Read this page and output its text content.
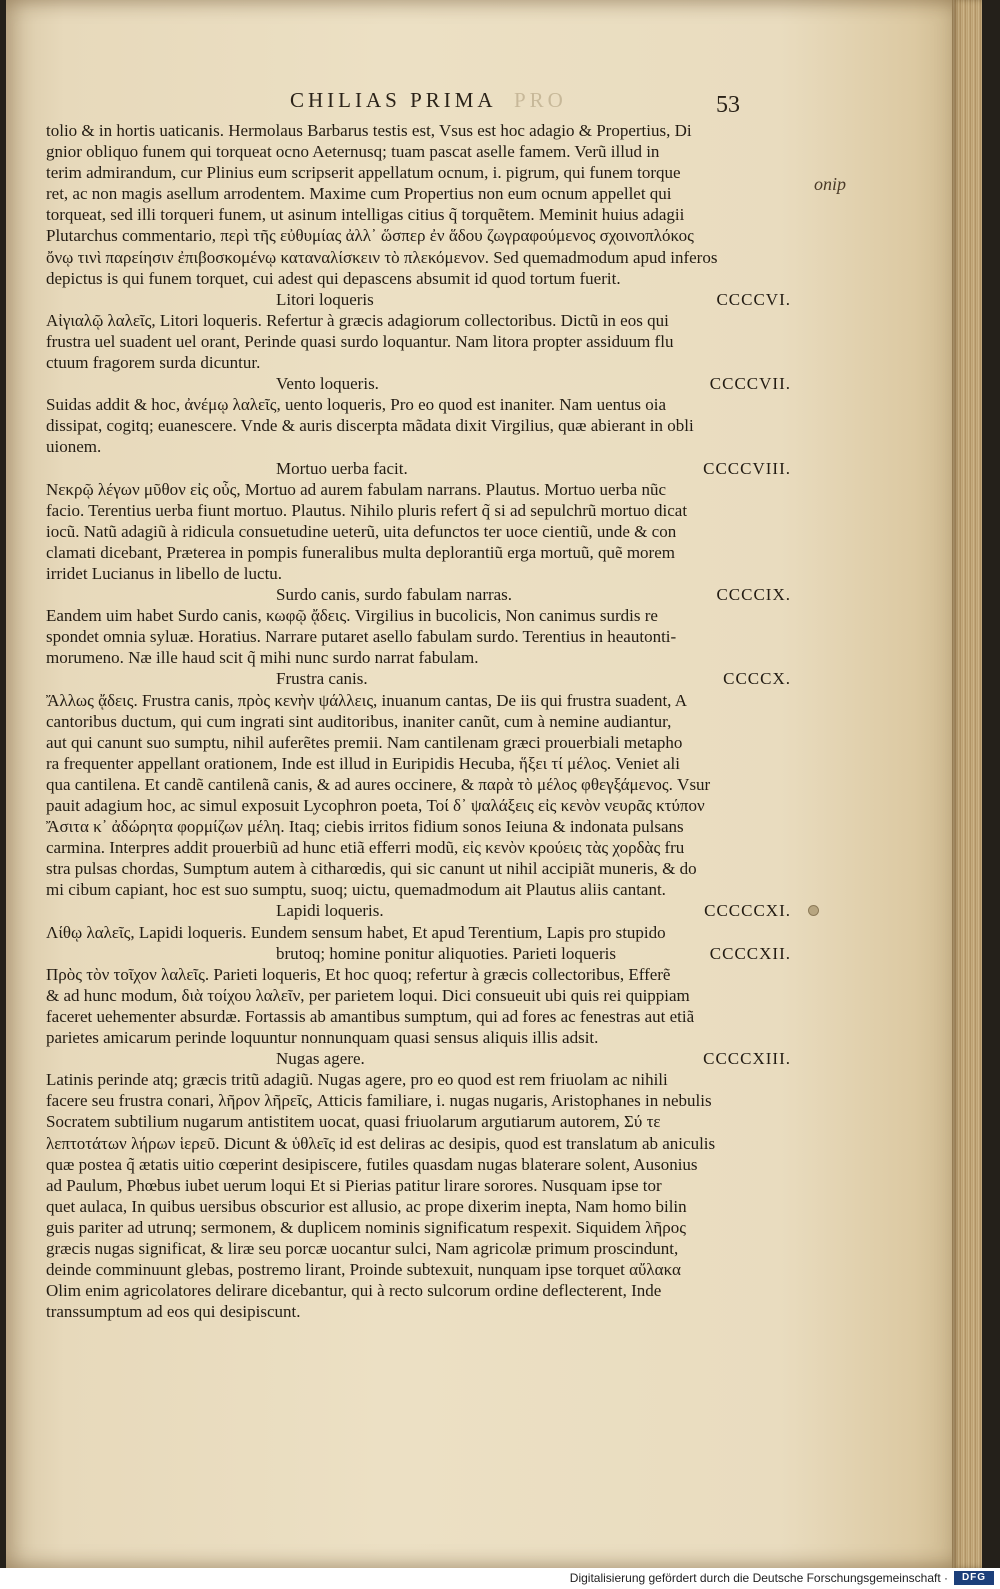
CHILIAS PRIMA PRO	53
tolio & in hortis uaticanis. Hermolaus Barbarus testis est, Vsus est hoc adagio & Propertius, Di
gnior obliquo funem qui torqueat ocno Aeternusq; tuam pascat aselle famem. Verũ illud in
terim admirandum, cur Plinius eum scripserit appellatum ocnum, i. pigrum, qui funem torque
ret, ac non magis asellum arrodentem. Maxime cum Propertius non eum ocnum appellet qui
torqueat, sed illi torqueri funem, ut asinum intelligas citius q̃ torquẽtem. Meminit huius adagii
Plutarchus commentario, περὶ τῆς εὐθυμίας ἀλλ᾽ ὥσπερ ἐν ἅδου ζωγραφούμενος σχοινοπλόκος
ὄνῳ τινὶ παρείησιν ἐπιβοσκομένῳ καταναλίσκειν τὸ πλεκόμενον. Sed quemadmodum apud inferos
depictus is qui funem torquet, cui adest qui depascens absumit id quod tortum fuerit.
Litori loqueris	CCCCVI.
Αἰγιαλῷ λαλεῖς, Litori loqueris. Refertur à græcis adagiorum collectoribus. Dictũ in eos qui
frustra uel suadent uel orant, Perinde quasi surdo loquantur. Nam litora propter assiduum flu
ctuum fragorem surda dicuntur.
Vento loqueris.	CCCCVII.
Suidas addit & hoc, ἀνέμῳ λαλεῖς, uento loqueris, Pro eo quod est inaniter. Nam uentus oia
dissipat, cogitq; euanescere. Vnde & auris discerpta mãdata dixit Virgilius, quæ abierant in obli
uionem.
Mortuo uerba facit.	CCCCVIII.
Νεκρῷ λέγων μῦθον εἰς οὖς, Mortuo ad aurem fabulam narrans. Plautus. Mortuo uerba nũc
facio. Terentius uerba fiunt mortuo. Plautus. Nihilo pluris refert q̃ si ad sepulchrũ mortuo dicat
iocũ. Natũ adagiũ à ridicula consuetudine ueterũ, uita defunctos ter uoce cientiũ, unde & con
clamati dicebant, Præterea in pompis funeralibus multa deplorantiũ erga mortuũ, quẽ morem
irridet Lucianus in libello de luctu.
Surdo canis, surdo fabulam narras.	CCCCIX.
Eandem uim habet Surdo canis, κωφῷ ᾄδεις. Virgilius in bucolicis, Non canimus surdis re
spondet omnia syluæ. Horatius. Narrare putaret asello fabulam surdo. Terentius in heautonti-
morumeno. Næ ille haud scit q̃ mihi nunc surdo narrat fabulam.
Frustra canis.	CCCCX.
Ἄλλως ᾄδεις. Frustra canis, πρὸς κενὴν ψάλλεις, inuanum cantas, De iis qui frustra suadent, A
cantoribus ductum, qui cum ingrati sint auditoribus, inaniter canũt, cum à nemine audiantur,
aut qui canunt suo sumptu, nihil auferẽtes premii. Nam cantilenam græci prouerbiali metapho
ra frequenter appellant orationem, Inde est illud in Euripidis Hecuba, ἥξει τί μέλος. Veniet ali
qua cantilena. Et candẽ cantilenã canis, & ad aures occinere, & παρὰ τὸ μέλος φθεγξάμενος. Vsur
pauit adagium hoc, ac simul exposuit Lycophron poeta, Τοί δ᾽ ψαλάξεις εἰς κενὸν νευρᾶς κτύπον
Ἄσιτα κ᾽ ἀδώρητα φορμίζων μέλη. Itaq; ciebis irritos fidium sonos Ieiuna & indonata pulsans
carmina. Interpres addit prouerbiũ ad hunc etiã efferri modũ, εἰς κενὸν κρούεις τὰς χορδὰς fru
stra pulsas chordas, Sumptum autem à citharœdis, qui sic canunt ut nihil accipiãt muneris, & do
mi cibum capiant, hoc est suo sumptu, suoq; uictu, quemadmodum ait Plautus aliis cantant.
Lapidi loqueris.	CCCCCXI.
Λίθῳ λαλεῖς, Lapidi loqueris. Eundem sensum habet, Et apud Terentium, Lapis pro stupido
brutoq; homine ponitur aliquoties. Parieti loqueris	CCCCXII.
Πρὸς τὸν τοῖχον λαλεῖς. Parieti loqueris, Et hoc quoq; refertur à græcis collectoribus, Efferẽ
& ad hunc modum, διὰ τοίχου λαλεῖν, per parietem loqui. Dici consueuit ubi quis rei quippiam
faceret uehementer absurdæ. Fortassis ab amantibus sumptum, qui ad fores ac fenestras aut etiã
parietes amicarum perinde loquuntur nonnunquam quasi sensus aliquis illis adsit.
Nugas agere.	CCCCXIII.
Latinis perinde atq; græcis tritũ adagiũ. Nugas agere, pro eo quod est rem friuolam ac nihili
facere seu frustra conari, λῆρον λῆρεῖς, Atticis familiare, i. nugas nugaris, Aristophanes in nebulis
Socratem subtilium nugarum antistitem uocat, quasi friuolarum argutiarum autorem, Σύ τε
λεπτοτάτων λήρων ἱερεῦ. Dicunt & ὑθλεῖς id est deliras ac desipis, quod est translatum ab aniculis
quæ postea q̃ ætatis uitio cœperint desipiscere, futiles quasdam nugas blaterare solent, Ausonius
ad Paulum, Phœbus iubet uerum loqui Et si Pierias patitur lirare sorores. Nusquam ipse tor
quet aulaca, In quibus uersibus obscurior est allusio, ac prope dixerim inepta, Nam homo bilin
guis pariter ad utrunq; sermonem, & duplicem nominis significatum respexit. Siquidem λῆρος
græcis nugas significat, & liræ seu porcæ uocantur sulci, Nam agricolæ primum proscindunt,
deinde comminuunt glebas, postremo lirant, Proinde subtexuit, nunquam ipse torquet αὔλακα
Olim enim agricolatores delirare dicebantur, qui à recto sulcorum ordine deflecterent, Inde
transsumptum ad eos qui desipiscunt.
onip
Digitalisierung gefördert durch die Deutsche Forschungsgemeinschaft ·	DFG
